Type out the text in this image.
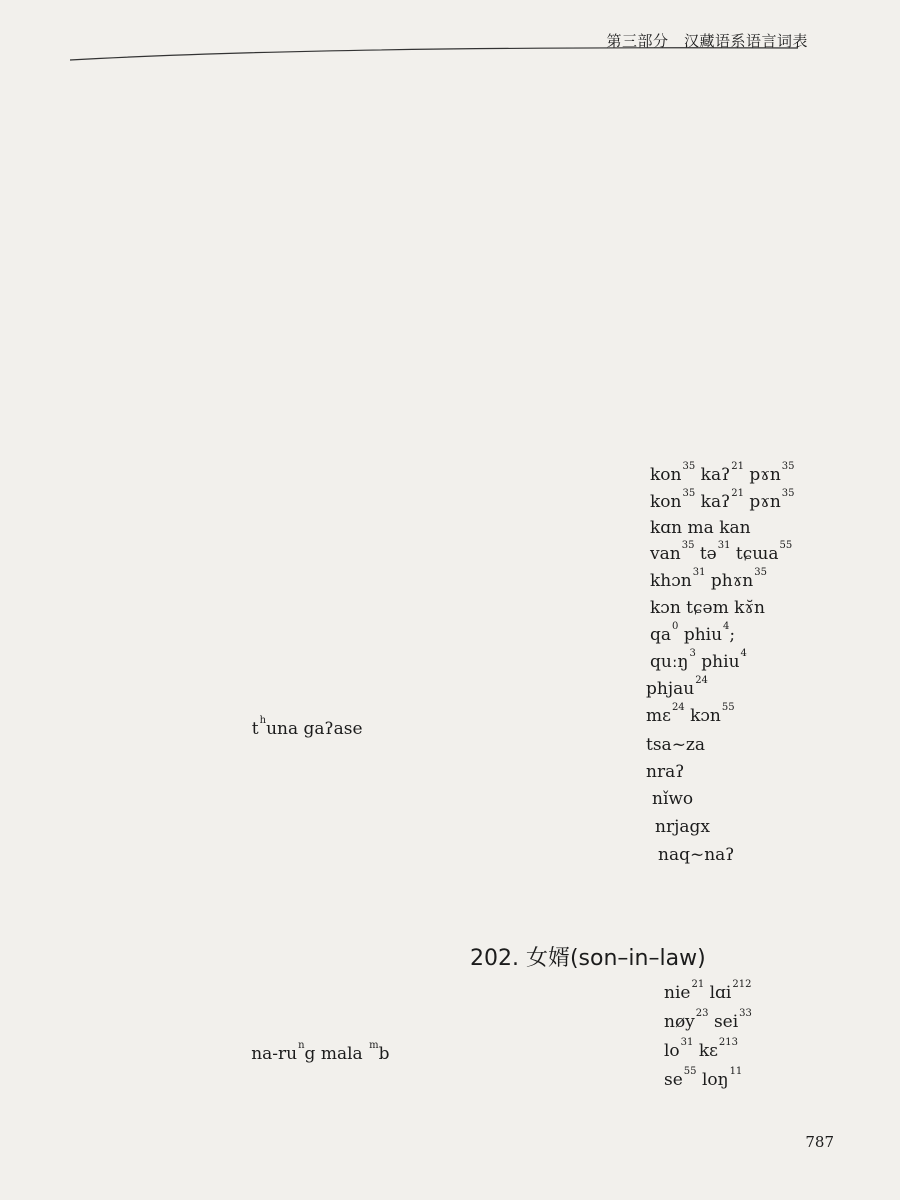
第三部分　汉藏语系语言词表
$t^huna$ gaʔase
$na-ru^ng$ mala $^m$b
kon$^{35}$ kaʔ$^{21}$ pɤn$^{35}$
kon$^{35}$ kaʔ$^{21}$ pɤn$^{35}$
kɑn ma kan
van$^{35}$ tə$^{31}$ tɕɯa$^{55}$
khɔn$^{31}$ phɤn$^{35}$
kɔn tɕəm kɤ̆n
$qa^0$ phiu$^4$;
quːŋ$^3$ phiu$^4$
phjau$^{24}$
mɛ$^{24}$ kɔn$^{55}$
tsa~za
nraʔ
nǐwo
nrjagx
naq~naʔ
202. 女婿(son–in–law)
nie$^{21}$ lɑi$^{212}$
nøy$^{23}$ sei$^{33}$
$lo^{31}$ kɛ$^{213}$
$se^{55}$ loŋ$^{11}$
787
